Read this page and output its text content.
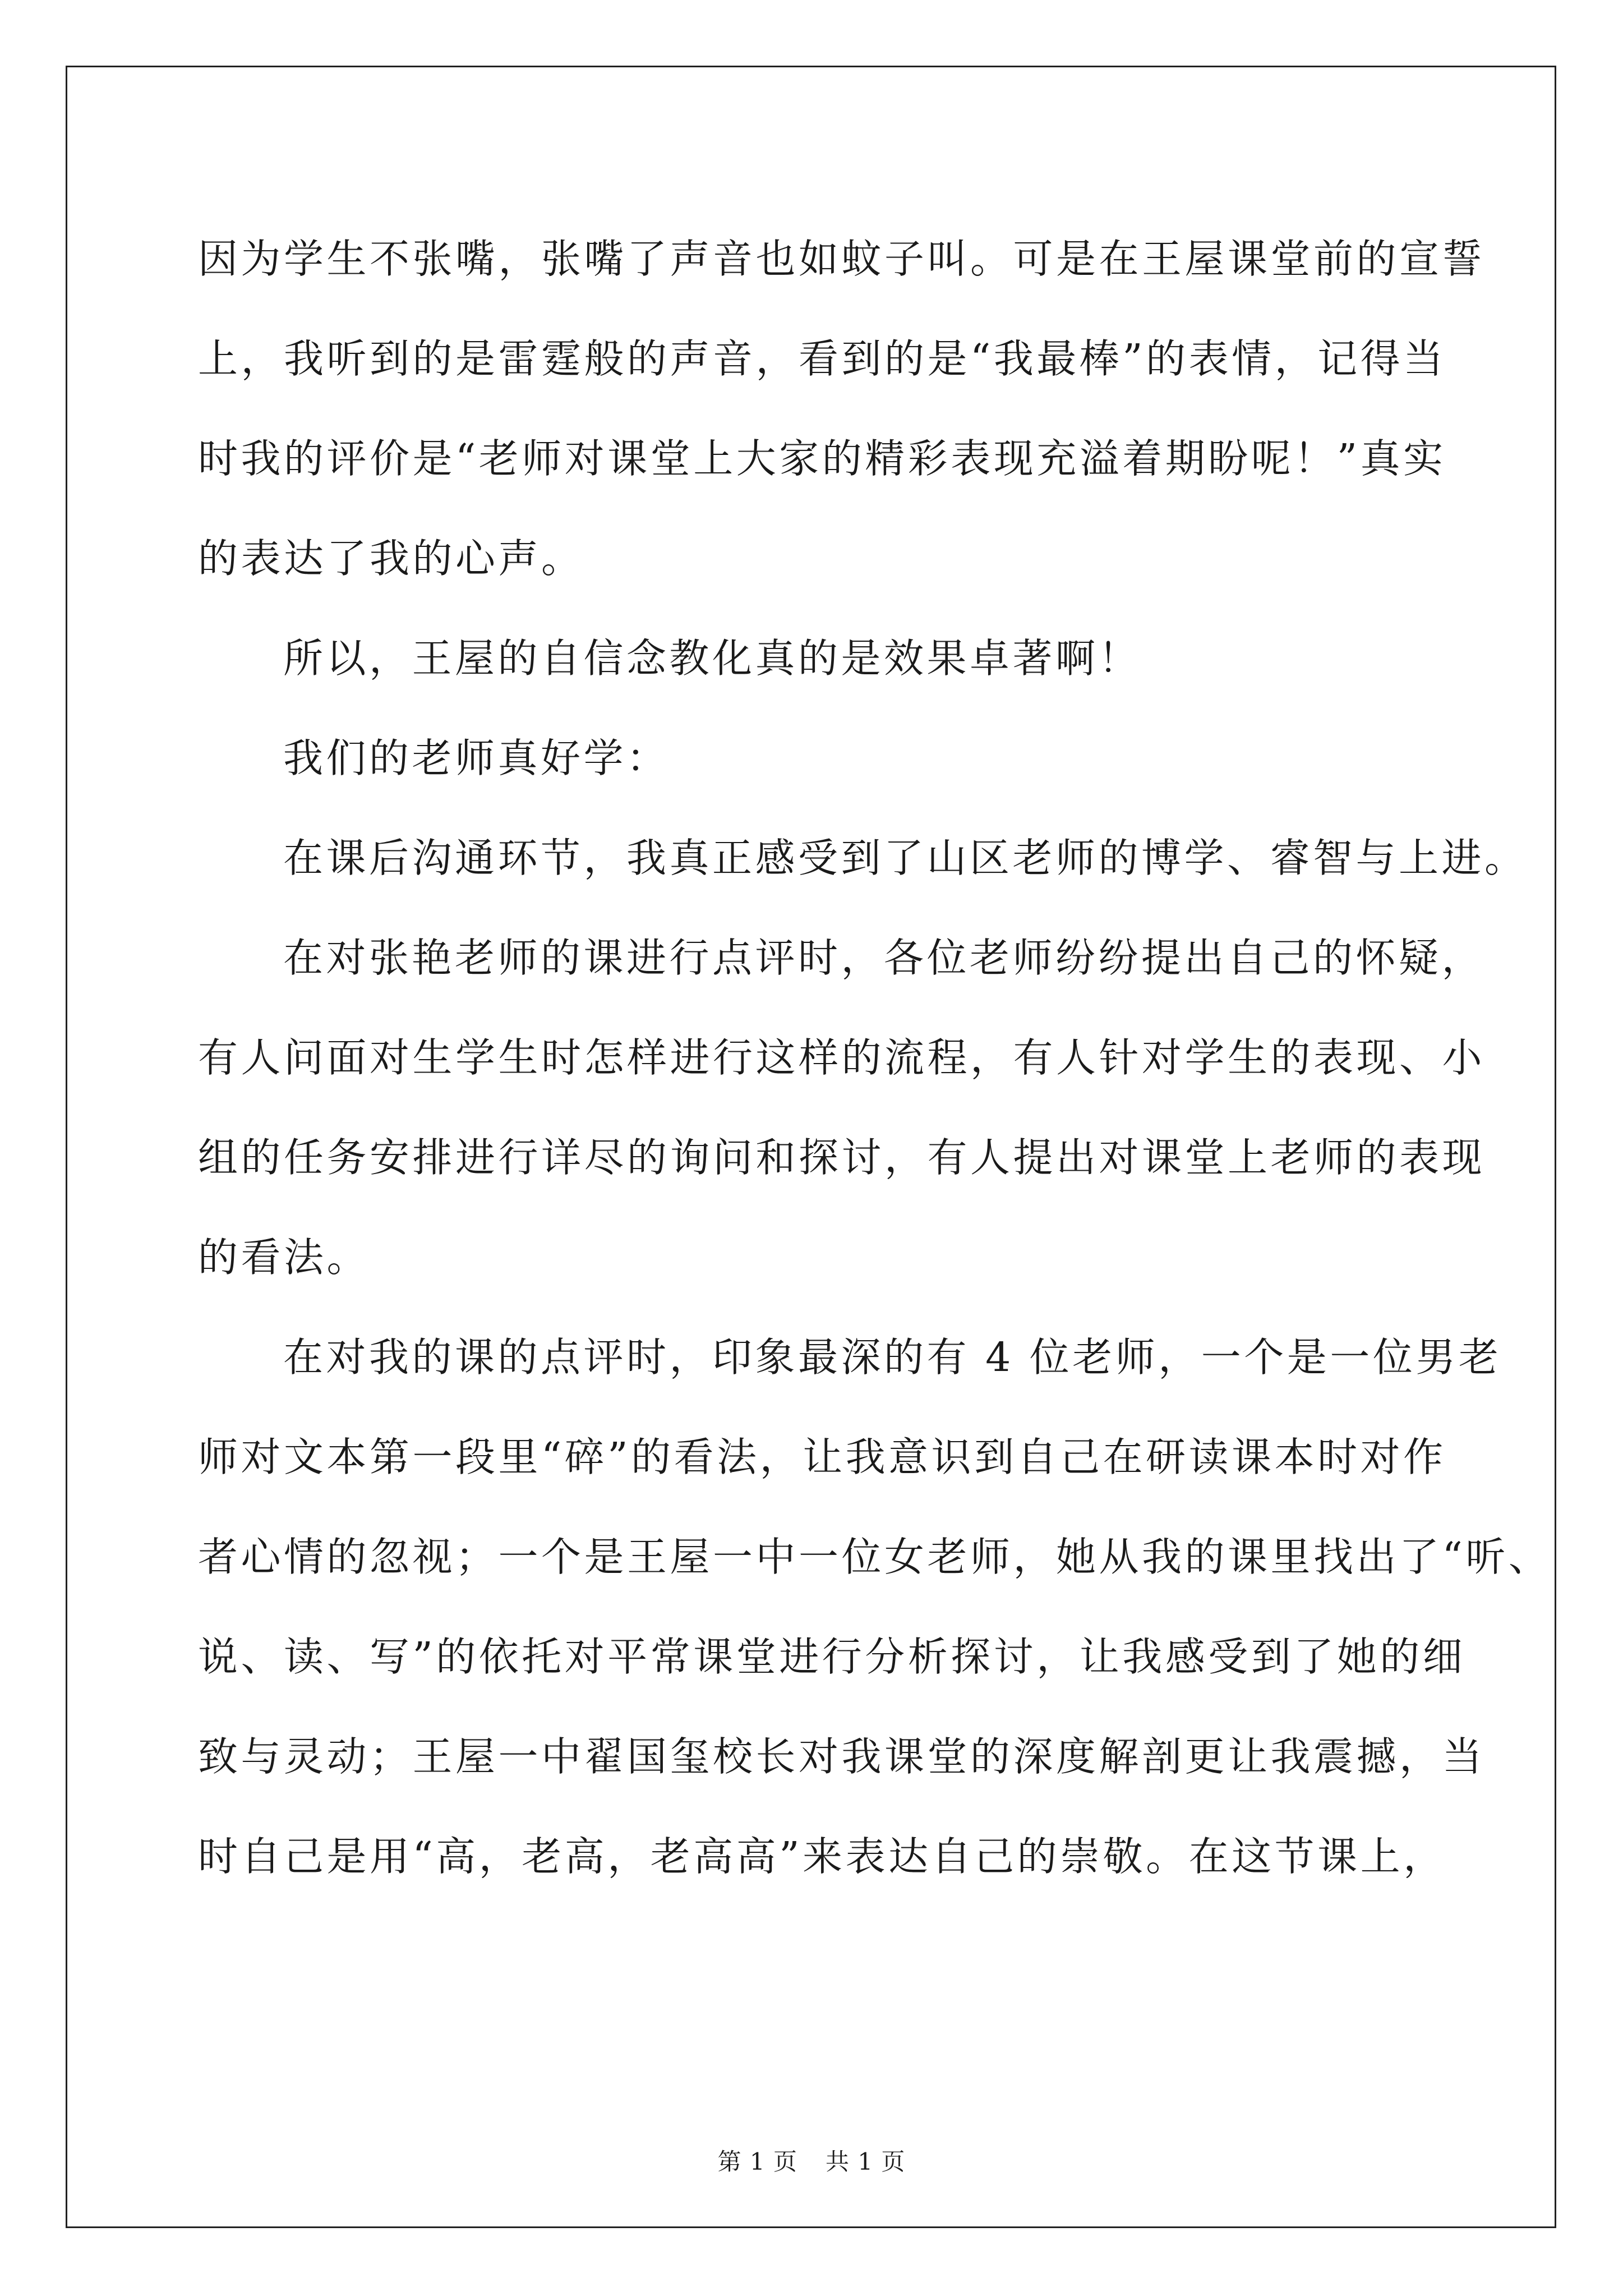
因为学生不张嘴，张嘴了声音也如蚊子叫。可是在王屋课堂前的宣誓
上，我听到的是雷霆般的声音，看到的是“我最棒”的表情，记得当
时我的评价是“老师对课堂上大家的精彩表现充溢着期盼呢！”真实
的表达了我的心声。

所以，王屋的自信念教化真的是效果卓著啊！

我们的老师真好学：

在课后沟通环节，我真正感受到了山区老师的博学、睿智与上进。

在对张艳老师的课进行点评时，各位老师纷纷提出自己的怀疑，
有人问面对生学生时怎样进行这样的流程，有人针对学生的表现、小
组的任务安排进行详尽的询问和探讨，有人提出对课堂上老师的表现
的看法。

在对我的课的点评时，印象最深的有 4 位老师，一个是一位男老
师对文本第一段里“碎”的看法，让我意识到自己在研读课本时对作
者心情的忽视；一个是王屋一中一位女老师，她从我的课里找出了“听、
说、读、写”的依托对平常课堂进行分析探讨，让我感受到了她的细
致与灵动；王屋一中翟国玺校长对我课堂的深度解剖更让我震撼，当
时自己是用“高，老高，老高高”来表达自己的崇敬。在这节课上，

第 1 页 共 1 页
